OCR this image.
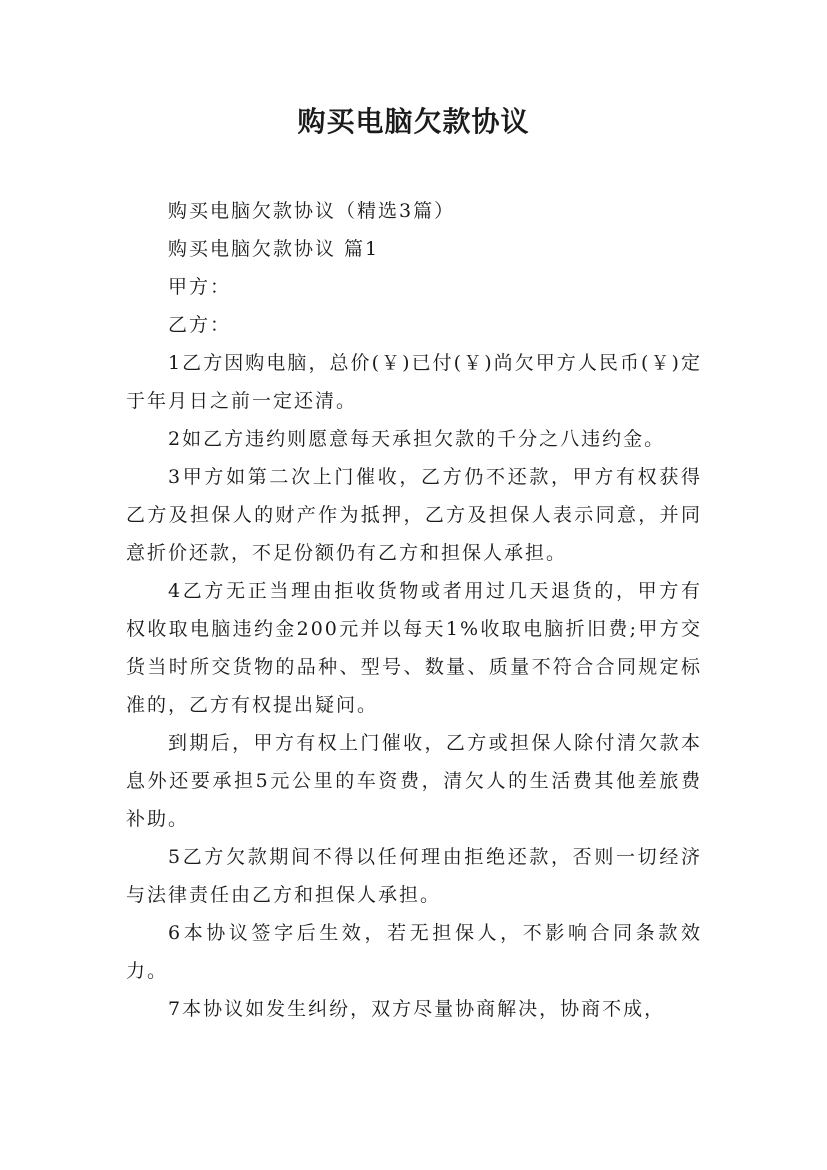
购买电脑欠款协议

购买电脑欠款协议（精选3篇）

购买电脑欠款协议 篇1

甲方：

乙方：

1乙方因购电脑，总价(￥)已付(￥)尚欠甲方人民币(￥)定于年月日之前一定还清。

2如乙方违约则愿意每天承担欠款的千分之八违约金。

3甲方如第二次上门催收，乙方仍不还款，甲方有权获得乙方及担保人的财产作为抵押，乙方及担保人表示同意，并同意折价还款，不足份额仍有乙方和担保人承担。

4乙方无正当理由拒收货物或者用过几天退货的，甲方有权收取电脑违约金200元并以每天1%收取电脑折旧费;甲方交货当时所交货物的品种、型号、数量、质量不符合合同规定标准的，乙方有权提出疑问。

到期后，甲方有权上门催收，乙方或担保人除付清欠款本息外还要承担5元公里的车资费，清欠人的生活费其他差旅费补助。

5乙方欠款期间不得以任何理由拒绝还款，否则一切经济与法律责任由乙方和担保人承担。

6本协议签字后生效，若无担保人，不影响合同条款效力。

7本协议如发生纠纷，双方尽量协商解决，协商不成，
